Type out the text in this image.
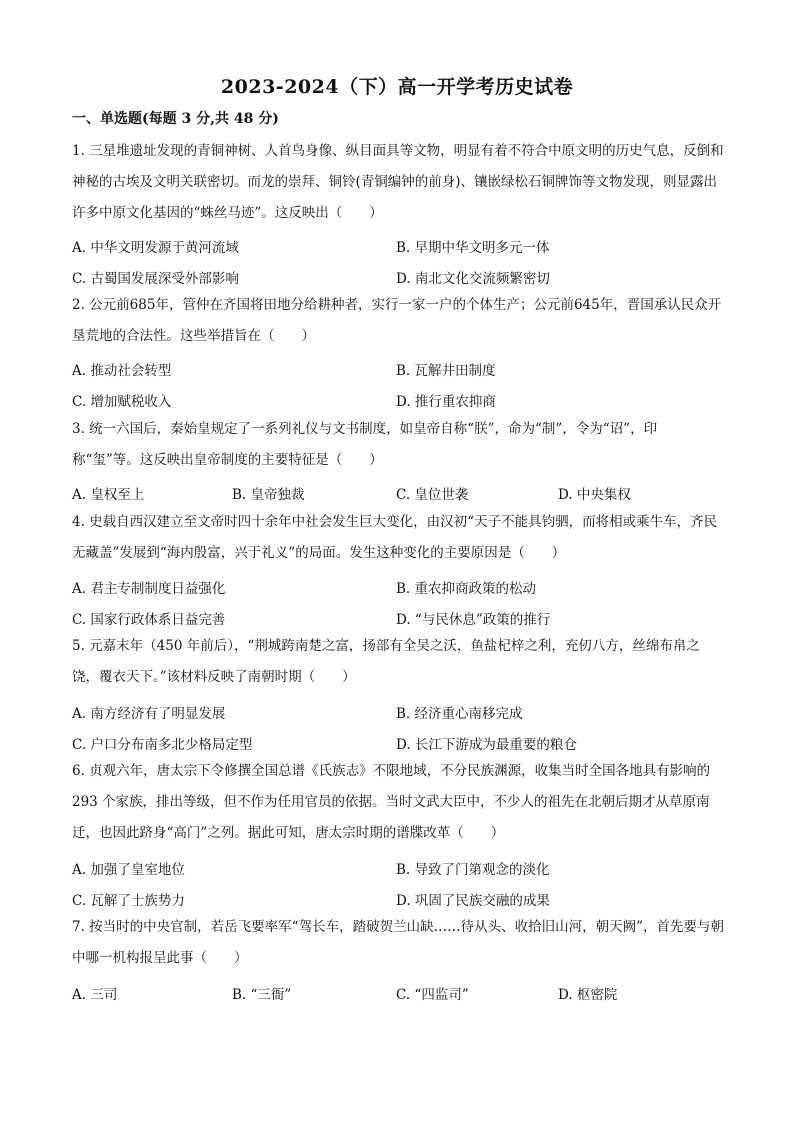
2023-2024（下）高一开学考历史试卷
一、单选题(每题 3 分,共 48 分)

1. 三星堆遗址发现的青铜神树、人首鸟身像、纵目面具等文物，明显有着不符合中原文明的历史气息，反倒和神秘的古埃及文明关联密切。而龙的崇拜、铜铃(青铜编钟的前身)、镶嵌绿松石铜牌饰等文物发现，则显露出许多中原文化基因的“蛛丝马迹”。这反映出（　　）

A. 中华文明发源于黄河流域	B. 早期中华文明多元一体
C. 古蜀国发展深受外部影响	D. 南北文化交流频繁密切

2. 公元前685年，管仲在齐国将田地分给耕种者，实行一家一户的个体生产；公元前645年，晋国承认民众开垦荒地的合法性。这些举措旨在（　　）

A. 推动社会转型	B. 瓦解井田制度
C. 增加赋税收入	D. 推行重农抑商

3. 统一六国后，秦始皇规定了一系列礼仪与文书制度，如皇帝自称“朕”，命为“制”，令为“诏”，印称“玺”等。这反映出皇帝制度的主要特征是（　　）

A. 皇权至上	B. 皇帝独裁	C. 皇位世袭	D. 中央集权

4. 史载自西汉建立至文帝时四十余年中社会发生巨大变化，由汉初“天子不能具钧驷，而将相或乘牛车，齐民无藏盖”发展到“海内殷富，兴于礼义”的局面。发生这种变化的主要原因是（　　）

A. 君主专制制度日益强化	B. 重农抑商政策的松动
C. 国家行政体系日益完善	D. “与民休息”政策的推行

5. 元嘉末年（450 年前后），“荆城跨南楚之富，扬部有全吴之沃，鱼盐杞梓之利，充仞八方，丝绵布帛之饶，覆衣天下。”该材料反映了南朝时期（　　）

A. 南方经济有了明显发展	B. 经济重心南移完成
C. 户口分布南多北少格局定型	D. 长江下游成为最重要的粮仓

6. 贞观六年，唐太宗下令修撰全国总谱《氏族志》不限地域，不分民族渊源，收集当时全国各地具有影响的 293 个家族，排出等级，但不作为任用官员的依据。当时文武大臣中，不少人的祖先在北朝后期才从草原南迁，也因此跻身“高门”之列。据此可知，唐太宗时期的谱牒改革（　　）

A. 加强了皇室地位	B. 导致了门第观念的淡化
C. 瓦解了士族势力	D. 巩固了民族交融的成果

7. 按当时的中央官制，若岳飞要率军“驾长车，踏破贺兰山缺……待从头、收拾旧山河，朝天阙”，首先要与朝中哪一机构报呈此事（　　）

A. 三司	B. “三衙”	C. “四监司”	D. 枢密院
